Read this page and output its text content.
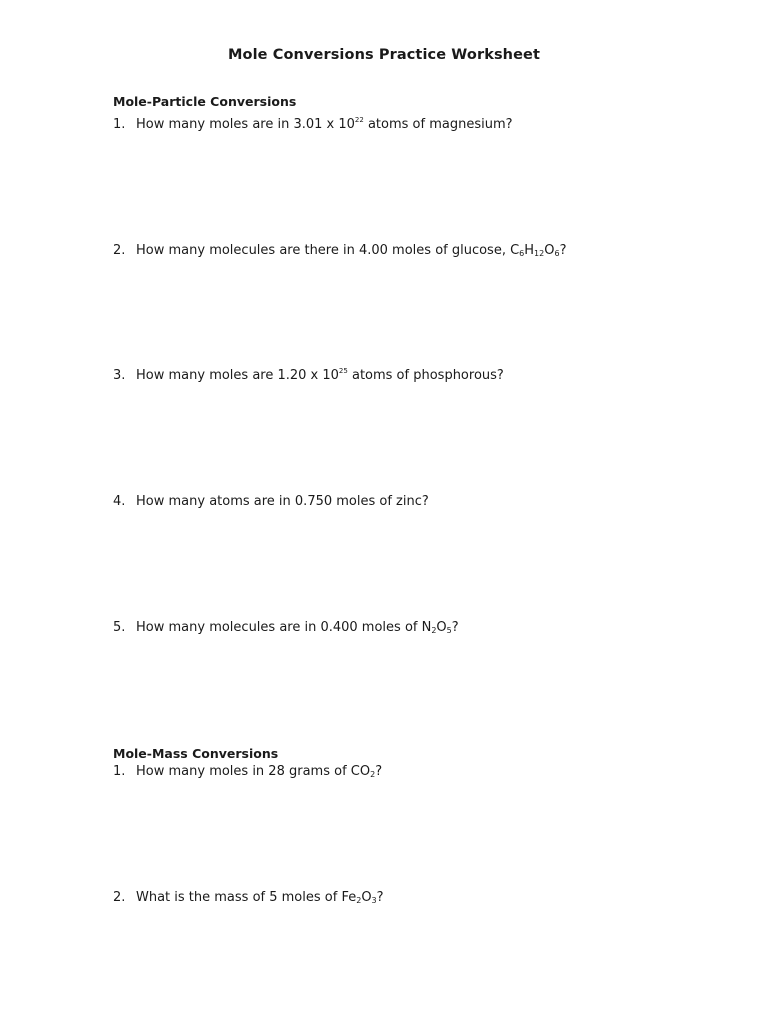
Mole Conversions Practice Worksheet
Mole-Particle Conversions
1. How many moles are in 3.01 x $10^{22}$ atoms of magnesium?
2. How many molecules are there in 4.00 moles of glucose, $C_6H_{12}O_6$?
3. How many moles are 1.20 x $10^{25}$ atoms of phosphorous?
4. How many atoms are in 0.750 moles of zinc?
5. How many molecules are in 0.400 moles of $N_2O_5$?
Mole-Mass Conversions
1. How many moles in 28 grams of $CO_2$?
2. What is the mass of 5 moles of $Fe_2O_3$?
